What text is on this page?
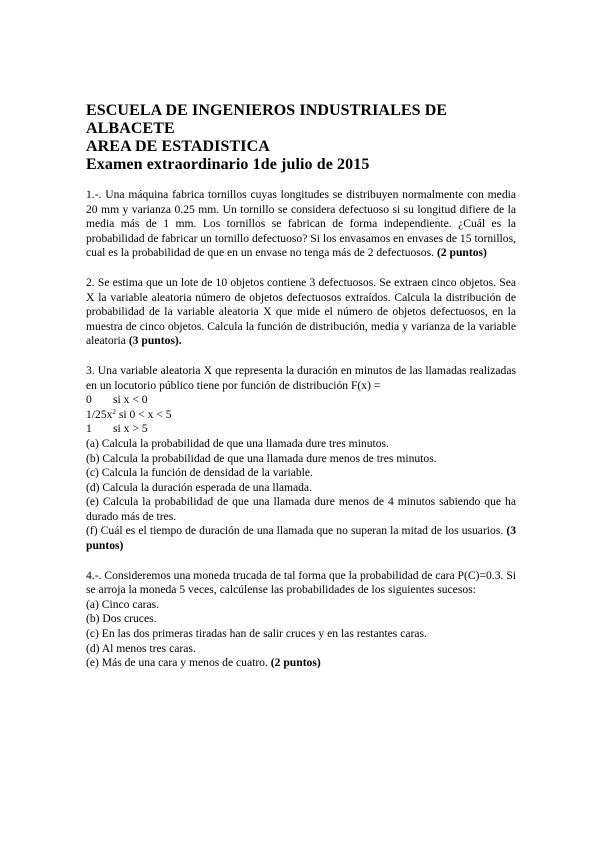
ESCUELA DE INGENIEROS INDUSTRIALES DE ALBACETE

AREA DE ESTADISTICA

Examen extraordinario 1de julio de 2015

1.-. Una máquina fabrica tornillos cuyas longitudes se distribuyen normalmente con media 20 mm y varianza 0.25 mm. Un tornillo se considera defectuoso si su longitud difiere de la media más de 1 mm. Los tornillos se fabrican de forma independiente. ¿Cuál es la probabilidad de fabricar un tornillo defectuoso? Si los envasamos en envases de 15 tornillos, cual es la probabilidad de que en un envase no tenga más de 2 defectuosos. (2 puntos)

2. Se estima que un lote de 10 objetos contiene 3 defectuosos. Se extraen cinco objetos. Sea X la variable aleatoria número de objetos defectuosos extraídos. Calcula la distribución de probabilidad de la variable aleatoria X que mide el número de objetos defectuosos, en la muestra de cinco objetos. Calcula la función de distribución, media y varianza de la variable aleatoria (3 puntos).

3. Una variable aleatoria X que representa la duración en minutos de las llamadas realizadas en un locutorio público tiene por función de distribución F(x) =

0 si x < 0
$1/25x^2$ si 0 < x < 5
1 si x > 5

(a) Calcula la probabilidad de que una llamada dure tres minutos.

(b) Calcula la probabilidad de que una llamada dure menos de tres minutos.

(c) Calcula la función de densidad de la variable.

(d) Calcula la duración esperada de una llamada.

(e) Calcula la probabilidad de que una llamada dure menos de 4 minutos sabiendo que ha durado más de tres.

(f) Cuál es el tiempo de duración de una llamada que no superan la mitad de los usuarios. (3 puntos)

4.-. Consideremos una moneda trucada de tal forma que la probabilidad de cara P(C)=0.3. Si se arroja la moneda 5 veces, calcúlense las probabilidades de los siguientes sucesos:

(a) Cinco caras.
(b) Dos cruces.
(c) En las dos primeras tiradas han de salir cruces y en las restantes caras.
(d) Al menos tres caras.
(e) Más de una cara y menos de cuatro. (2 puntos)
